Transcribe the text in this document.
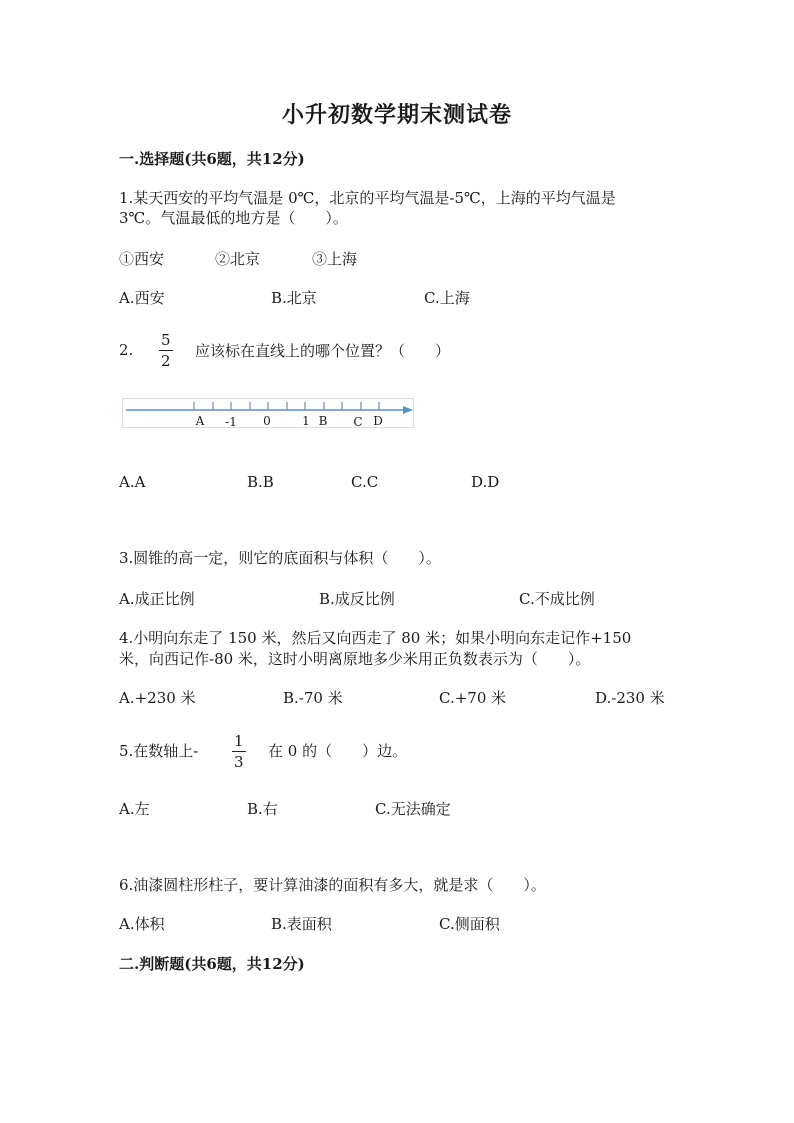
小升初数学期末测试卷
一.选择题(共6题，共12分)
1.某天西安的平均气温是 0℃，北京的平均气温是-5℃，上海的平均气温是
3℃。气温最低的地方是（　　）。
①西安	②北京	③上海
A.西安	B.北京	C.上海
2.
5
2
应该标在直线上的哪个位置？（　　）
A -1 0	1 B C D
A.A	B.B	C.C	D.D
3.圆锥的高一定，则它的底面积与体积（　　）。
A.成正比例	B.成反比例	C.不成比例
4.小明向东走了 150 米，然后又向西走了 80 米；如果小明向东走记作+150
米，向西记作-80 米，这时小明离原地多少米用正负数表示为（　　）。
A.+230 米	B.-70 米	C.+70 米	D.-230 米
5.在数轴上-
1
3
在 0 的（　　）边。
A.左	B.右	C.无法确定
6.油漆圆柱形柱子，要计算油漆的面积有多大，就是求（　　）。
A.体积	B.表面积	C.侧面积
二.判断题(共6题，共12分)
